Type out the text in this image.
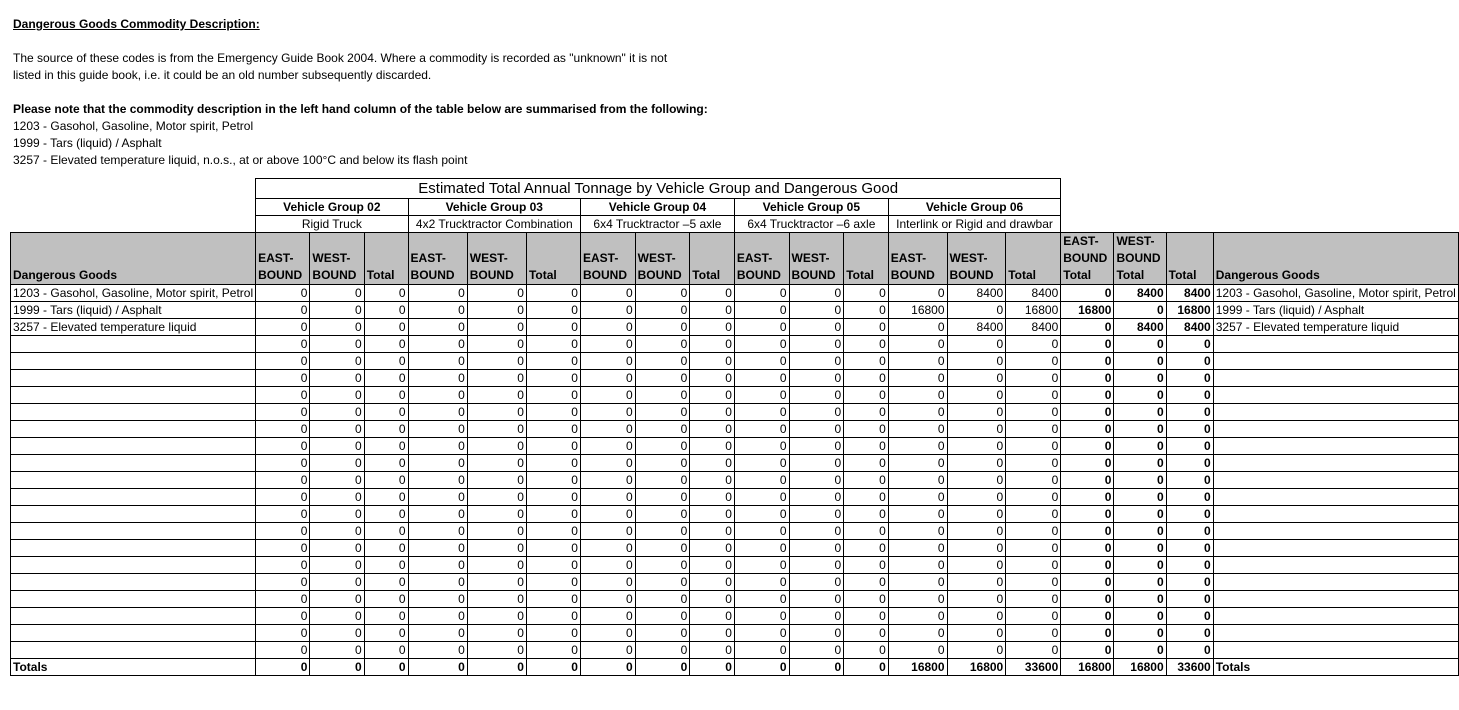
Dangerous Goods Commodity Description:

The source of these codes is from the Emergency Guide Book 2004. Where a commodity is recorded as "unknown" it is not

listed in this guide book, i.e. it could be an old number subsequently discarded.

Please note that the commodity description in the left hand column of the table below are summarised from the following:

1203 - Gasohol, Gasoline, Motor spirit, Petrol

1999 - Tars (liquid) / Asphalt

3257 - Elevated temperature liquid, n.o.s., at or above 100°C and below its flash point

	Estimated Total Annual Tonnage by Vehicle Group and Dangerous Good																		
	Vehicle Group 02			Vehicle Group 03			Vehicle Group 04			Vehicle Group 05			Vehicle Group 06						
	Rigid Truck			4x2 Trucktractor Combination			6x4 Trucktractor –5 axle			6x4 Trucktractor –6 axle			Interlink or Rigid and drawbar						
Dangerous Goods	EAST-BOUND	WEST-BOUND	Total	EAST-BOUND	WEST-BOUND	Total	EAST-BOUND	WEST-BOUND	Total	EAST-BOUND	WEST-BOUND	Total	EAST-BOUND	WEST-BOUND	Total	EAST-BOUND Total	WEST-BOUND Total	Total	Dangerous Goods
1203 - Gasohol, Gasoline, Motor spirit, Petrol	0	0	0	0	0	0	0	0	0	0	0	0	0	8400	8400	0	8400	8400	1203 - Gasohol, Gasoline, Motor spirit, Petrol
1999 - Tars (liquid) / Asphalt	0	0	0	0	0	0	0	0	0	0	0	0	16800	0	16800	16800	0	16800	1999 - Tars (liquid) / Asphalt
3257 - Elevated temperature liquid	0	0	0	0	0	0	0	0	0	0	0	0	0	8400	8400	0	8400	8400	3257 - Elevated temperature liquid
	0	0	0	0	0	0	0	0	0	0	0	0	0	0	0	0	0	0	
	0	0	0	0	0	0	0	0	0	0	0	0	0	0	0	0	0	0	
	0	0	0	0	0	0	0	0	0	0	0	0	0	0	0	0	0	0	
	0	0	0	0	0	0	0	0	0	0	0	0	0	0	0	0	0	0	
	0	0	0	0	0	0	0	0	0	0	0	0	0	0	0	0	0	0	
	0	0	0	0	0	0	0	0	0	0	0	0	0	0	0	0	0	0	
	0	0	0	0	0	0	0	0	0	0	0	0	0	0	0	0	0	0	
	0	0	0	0	0	0	0	0	0	0	0	0	0	0	0	0	0	0	
	0	0	0	0	0	0	0	0	0	0	0	0	0	0	0	0	0	0	
	0	0	0	0	0	0	0	0	0	0	0	0	0	0	0	0	0	0	
	0	0	0	0	0	0	0	0	0	0	0	0	0	0	0	0	0	0	
	0	0	0	0	0	0	0	0	0	0	0	0	0	0	0	0	0	0	
	0	0	0	0	0	0	0	0	0	0	0	0	0	0	0	0	0	0	
	0	0	0	0	0	0	0	0	0	0	0	0	0	0	0	0	0	0	
	0	0	0	0	0	0	0	0	0	0	0	0	0	0	0	0	0	0	
	0	0	0	0	0	0	0	0	0	0	0	0	0	0	0	0	0	0	
	0	0	0	0	0	0	0	0	0	0	0	0	0	0	0	0	0	0	
	0	0	0	0	0	0	0	0	0	0	0	0	0	0	0	0	0	0	
	0	0	0	0	0	0	0	0	0	0	0	0	0	0	0	0	0	0	
Totals	0	0	0	0	0	0	0	0	0	0	0	0	16800	16800	33600	16800	16800	33600	Totals
